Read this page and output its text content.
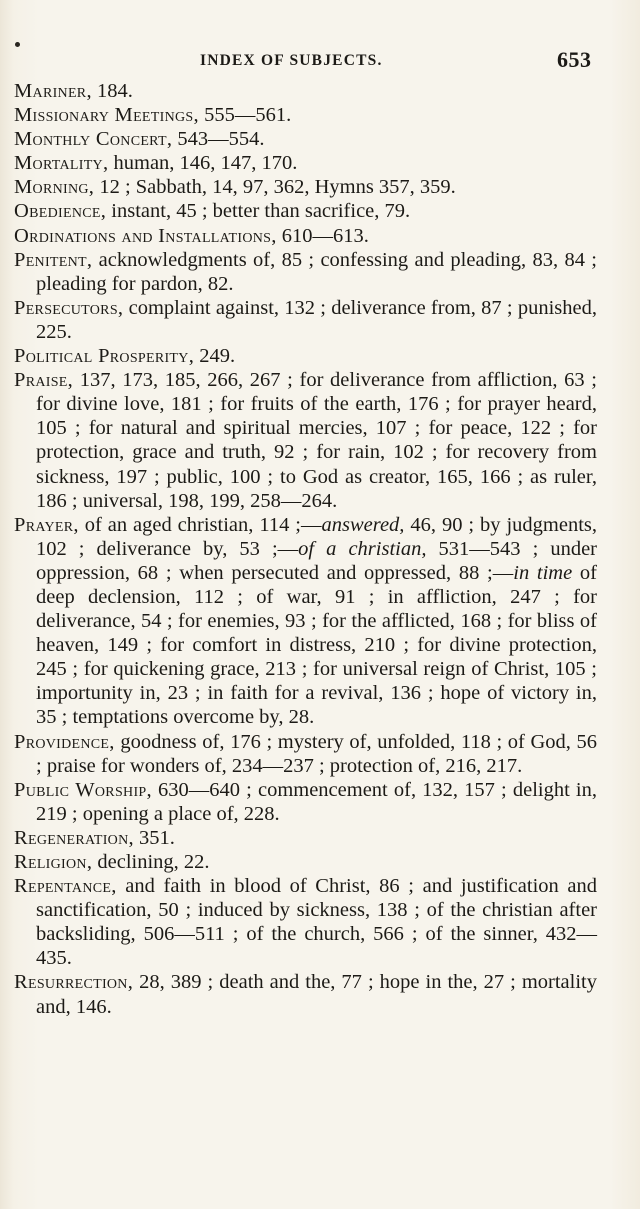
INDEX OF SUBJECTS.	653

Mariner, 184.

Missionary Meetings, 555—561.

Monthly Concert, 543—554.

Mortality, human, 146, 147, 170.

Morning, 12 ; Sabbath, 14, 97, 362, Hymns 357, 359.

Obedience, instant, 45 ; better than sacrifice, 79.

Ordinations and Installations, 610—613.

Penitent, acknowledgments of, 85 ; confessing and pleading, 83, 84 ; pleading for pardon, 82.

Persecutors, complaint against, 132 ; deliverance from, 87 ; punished, 225.

Political Prosperity, 249.

Praise, 137, 173, 185, 266, 267 ; for deliverance from affliction, 63 ; for divine love, 181 ; for fruits of the earth, 176 ; for prayer heard, 105 ; for natural and spiritual mercies, 107 ; for peace, 122 ; for protection, grace and truth, 92 ; for rain, 102 ; for recovery from sickness, 197 ; public, 100 ; to God as creator, 165, 166 ; as ruler, 186 ; universal, 198, 199, 258—264.

Prayer, of an aged christian, 114 ;—answered, 46, 90 ; by judgments, 102 ; deliverance by, 53 ;—of a christian, 531—543 ; under oppression, 68 ; when persecuted and oppressed, 88 ;—in time of deep declension, 112 ; of war, 91 ; in affliction, 247 ; for deliverance, 54 ; for enemies, 93 ; for the afflicted, 168 ; for bliss of heaven, 149 ; for comfort in distress, 210 ; for divine protection, 245 ; for quickening grace, 213 ; for universal reign of Christ, 105 ; importunity in, 23 ; in faith for a revival, 136 ; hope of victory in, 35 ; temptations overcome by, 28.

Providence, goodness of, 176 ; mystery of, unfolded, 118 ; of God, 56 ; praise for wonders of, 234—237 ; protection of, 216, 217.

Public Worship, 630—640 ; commencement of, 132, 157 ; delight in, 219 ; opening a place of, 228.

Regeneration, 351.

Religion, declining, 22.

Repentance, and faith in blood of Christ, 86 ; and justification and sanctification, 50 ; induced by sickness, 138 ; of the christian after backsliding, 506—511 ; of the church, 566 ; of the sinner, 432—435.

Resurrection, 28, 389 ; death and the, 77 ; hope in the, 27 ; mortality and, 146.
